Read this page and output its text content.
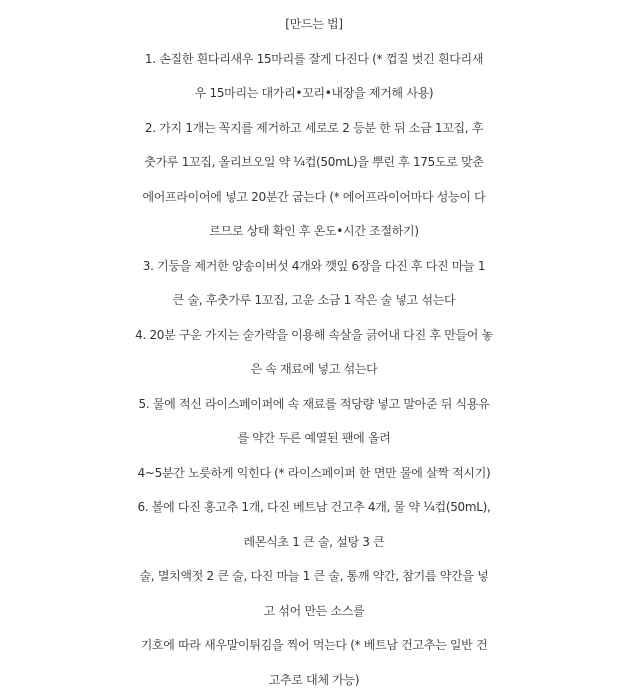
[만드는 법]
1. 손질한 흰다리새우 15마리를 잘게 다진다 (* 껍질 벗긴 흰다리새
우 15마리는 대가리•꼬리•내장을 제거해 사용)
2. 가지 1개는 꼭지를 제거하고 세로로 2 등분 한 뒤 소금 1꼬집, 후
춧가루 1꼬집, 올리브오일 약 ¼컵(50mL)을 뿌린 후 175도로 맞춘
에어프라이어에 넣고 20분간 굽는다 (* 에어프라이어마다 성능이 다
르므로 상태 확인 후 온도•시간 조절하기)
3. 기둥을 제거한 양송이버섯 4개와 깻잎 6장을 다진 후 다진 마늘 1
큰 술, 후춧가루 1꼬집, 고운 소금 1 작은 술 넣고 섞는다
4. 20분 구운 가지는 숟가락을 이용해 속살을 긁어내 다진 후 만들어 놓
은 속 재료에 넣고 섞는다
5. 물에 적신 라이스페이퍼에 속 재료를 적당량 넣고 말아준 뒤 식용유
를 약간 두른 예열된 팬에 올려
4~5분간 노릇하게 익힌다 (* 라이스페이퍼 한 면만 물에 살짝 적시기)
6. 볼에 다진 홍고추 1개, 다진 베트남 건고추 4개, 물 약 ¼컵(50mL),
레몬식초 1 큰 술, 설탕 3 큰
술, 멸치액젓 2 큰 술, 다진 마늘 1 큰 술, 통깨 약간, 참기름 약간을 넣
고 섞어 만든 소스를
기호에 따라 새우말이튀김을 찍어 먹는다 (* 베트남 건고추는 일반 건
고추로 대체 가능)
